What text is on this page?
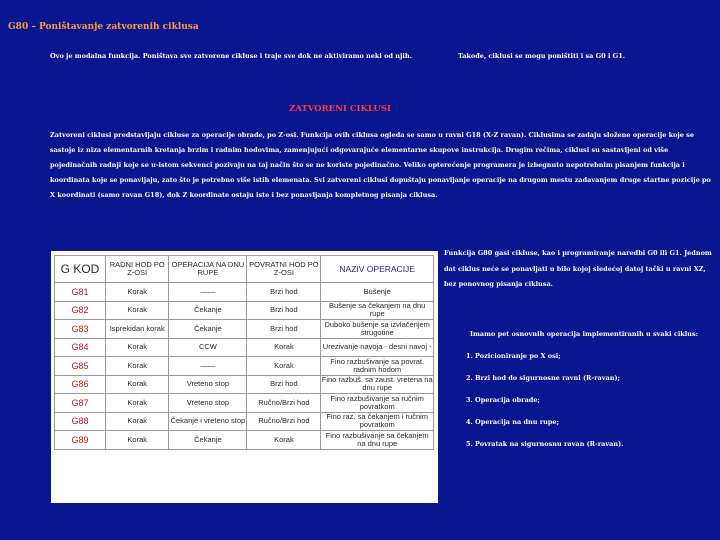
G80 – Poništavanje zatvorenih ciklusa
Ovo je modalna funkcija. Poništava sve zatvorene cikluse i traje sve dok ne aktiviramo neki od njih.	Takođe, ciklusi se mogu poništiti i sa G0 i G1.
ZATVORENI CIKLUSI
Zatvoreni ciklusi predstavljaju cikluse za operacije obrade, po Z-osi. Funkcija ovih ciklusa ogleda se samo u ravni G18 (X-Z ravan). Ciklusima se zadaju složene operacije koje se sastoje iz niza elementarnih kretanja brzim i radnim hodovima, zamenjujući odgovarajuće elementarne skupove instrukcija. Drugim rečima, ciklusi su sastavljeni od više pojedinačnih radnji koje se u-istom sekvenci pozivaju na taj način što se ne koriste pojedinačno. Veliko opterećenje programera je izbegnuto nepotrebnim pisanjem funkcija i koordinata koje se ponavljaju, zato što je potrebno više istih elemenata. Svi zatvoreni ciklusi dopuštaju ponavljanje operacije na drugom mestu zadavanjem druge startne pozicije po X koordinati (samo ravan G18), dok Z koordinate ostaju iste i bez ponavljanja kompletnog pisanja ciklusa.
G KOD	RADNI HOD PO Z-OSI	OPERACIJA NA DNU RUPE	POVRATNI HOD PO Z-OSI	NAZIV OPERACIJE
G81	Korak	——	Brzi hod	Bušenje
G82	Korak	Čekanje	Brzi hod	Bušenje sa čekanjem na dnu rupe
G83	Isprekidan korak	Čekanje	Brzi hod	Duboko bušenje sa izvlačenjem strugotine
G84	Korak	CCW	Korak	Urezivanje navoja - desni navoj -
G85	Korak	——	Korak	Fino razbušivanje sa povrat. radnim hodom
G86	Korak	Vreteno stop	Brzi hod	Fino razbuš. sa zaust. vretena na dnu rupe
G87	Korak	Vreteno stop	Ručno/Brzi hod	Fino razbušivanje sa ručnim povratkom
G88	Korak	Čekanje i vreteno stop	Ručno/Brzi hod	Fino raz. sa čekanjem i ručnim povratkom
G89	Korak	Čekanje	Korak	Fino razbušivanje sa čekanjem na dnu rupe
Funkcija G80 gasi cikluse, kao i programiranje naredbi G0 ili G1. Jednom dat ciklus neće se ponavljati u bilo kojoj sledećoj datoj tački u ravni XZ, bez ponovnog pisanja ciklusa.
Imamo pet osnovnih operacija implementiranih u svaki ciklus:
1. Pozicioniranje po X osi;
2. Brzi hod do sigurnosne ravni (R-ravan);
3. Operacija obrade;
4. Operacija na dnu rupe;
5. Povratak na sigurnosnu ravan (R-ravan).
